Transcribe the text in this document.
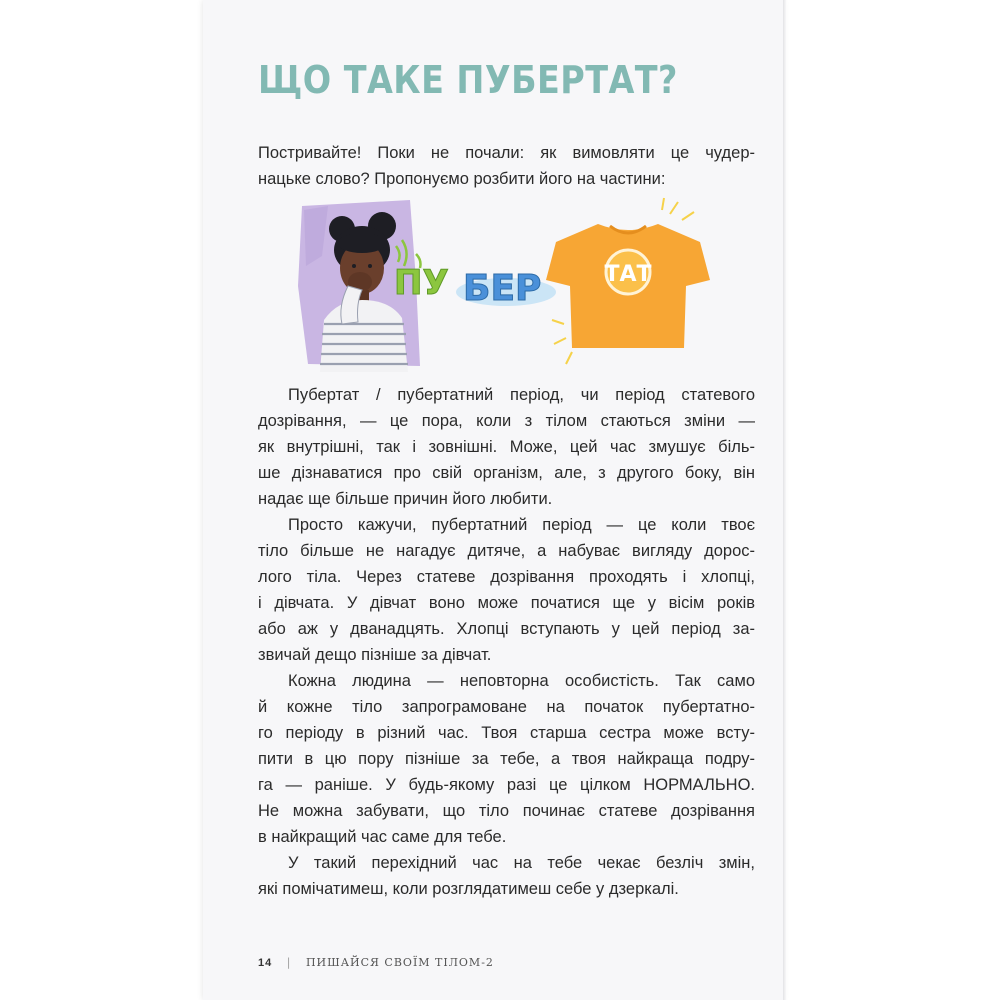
ЩО ТАКЕ ПУБЕРТАТ?

Постривайте! Поки не почали: як вимовляти це чудер-

нацьке слово? Пропонуємо розбити його на частини:

ПУ БЕР	ТАТ
Пубертат / пубертатний період, чи період статевого
дозрівання, — це пора, коли з тілом стаються зміни —
як внутрішні, так і зовнішні. Може, цей час змушує біль-
ше дізнаватися про свій організм, але, з другого боку, він
надає ще більше причин його любити.
Просто кажучи, пубертатний період — це коли твоє
тіло більше не нагадує дитяче, а набуває вигляду дорос-
лого тіла. Через статеве дозрівання проходять і хлопці,
і дівчата. У дівчат воно може початися ще у вісім років
або аж у дванадцять. Хлопці вступають у цей період за-
звичай дещо пізніше за дівчат.
Кожна людина — неповторна особистість. Так само
й кожне тіло запрограмоване на початок пубертатно-
го періоду в різний час. Твоя старша сестра може всту-
пити в цю пору пізніше за тебе, а твоя найкраща подру-
га — раніше. У будь-якому разі це цілком НОРМАЛЬНО.
Не можна забувати, що тіло починає статеве дозрівання
в найкращий час саме для тебе.
У такий перехідний час на тебе чекає безліч змін,
які помічатимеш, коли розглядатимеш себе у дзеркалі.
14 | ПИШАЙСЯ СВОЇМ ТІЛОМ-2
